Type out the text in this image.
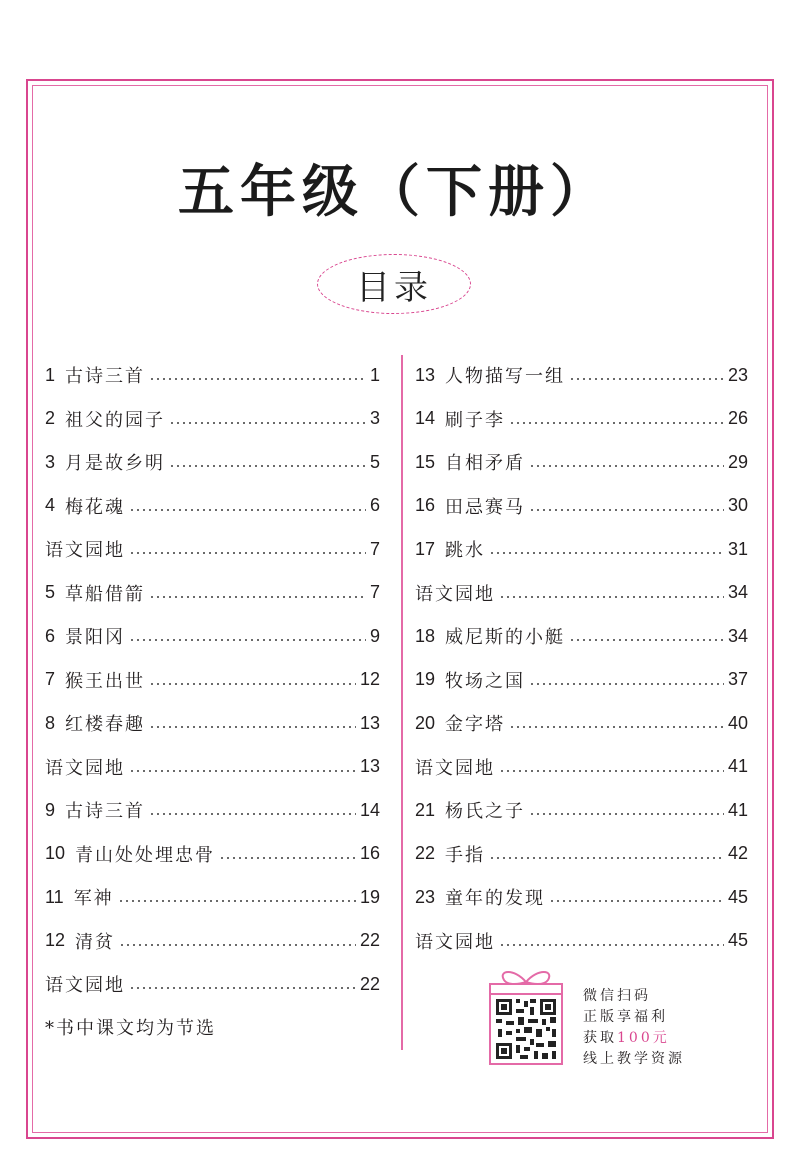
五年级（下册）
目录
1 古诗三首	1
2 祖父的园子	3
3 月是故乡明	5
4 梅花魂	6
语文园地	7
5 草船借箭	7
6 景阳冈	9
7 猴王出世	12
8 红楼春趣	13
语文园地	13
9 古诗三首	14
10 青山处处埋忠骨	16
11 军神	19
12 清贫	22
语文园地	22
13 人物描写一组	23
14 刷子李	26
15 自相矛盾	29
16 田忌赛马	30
17 跳水	31
语文园地	34
18 威尼斯的小艇	34
19 牧场之国	37
20 金字塔	40
语文园地	41
21 杨氏之子	41
22 手指	42
23 童年的发现	45
语文园地	45
*书中课文均为节选
微信扫码
正版享福利
获取100元
线上教学资源
